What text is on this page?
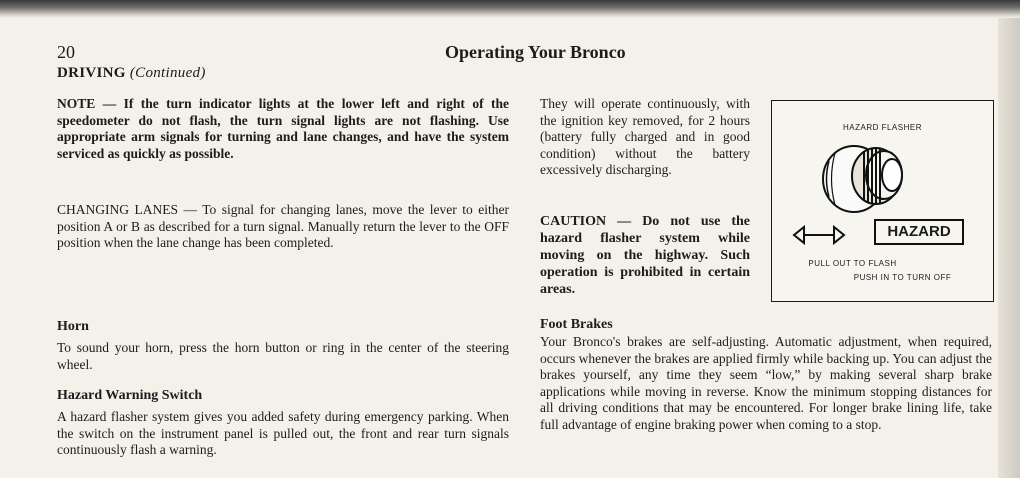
20	Operating Your Bronco
DRIVING (Continued)
NOTE — If the turn indicator lights at the lower left and right of the speedometer do not flash, the turn signal lights are not flashing. Use appropriate arm signals for turning and lane changes, and have the system serviced as quickly as possible.
CHANGING LANES — To signal for changing lanes, move the lever to either position A or B as described for a turn signal. Manually return the lever to the OFF position when the lane change has been completed.
Horn
To sound your horn, press the horn button or ring in the center of the steering wheel.
Hazard Warning Switch
A hazard flasher system gives you added safety during emergency parking. When the switch on the instrument panel is pulled out, the front and rear turn signals continuously flash a warning.
They will operate continuously, with the ignition key removed, for 2 hours (battery fully charged and in good condition) without the battery excessively discharging.
CAUTION — Do not use the hazard flasher system while moving on the highway. Such operation is prohibited in certain areas.
HAZARD FLASHER
HAZARD
PULL OUT TO FLASH
PUSH IN TO TURN OFF
Foot Brakes
Your Bronco's brakes are self-adjusting. Automatic adjustment, when required, occurs whenever the brakes are applied firmly while backing up. You can adjust the brakes yourself, any time they seem “low,” by making several sharp brake applications while moving in reverse. Know the minimum stopping distances for all driving conditions that may be encountered. For longer brake lining life, take full advantage of engine braking power when coming to a stop.
